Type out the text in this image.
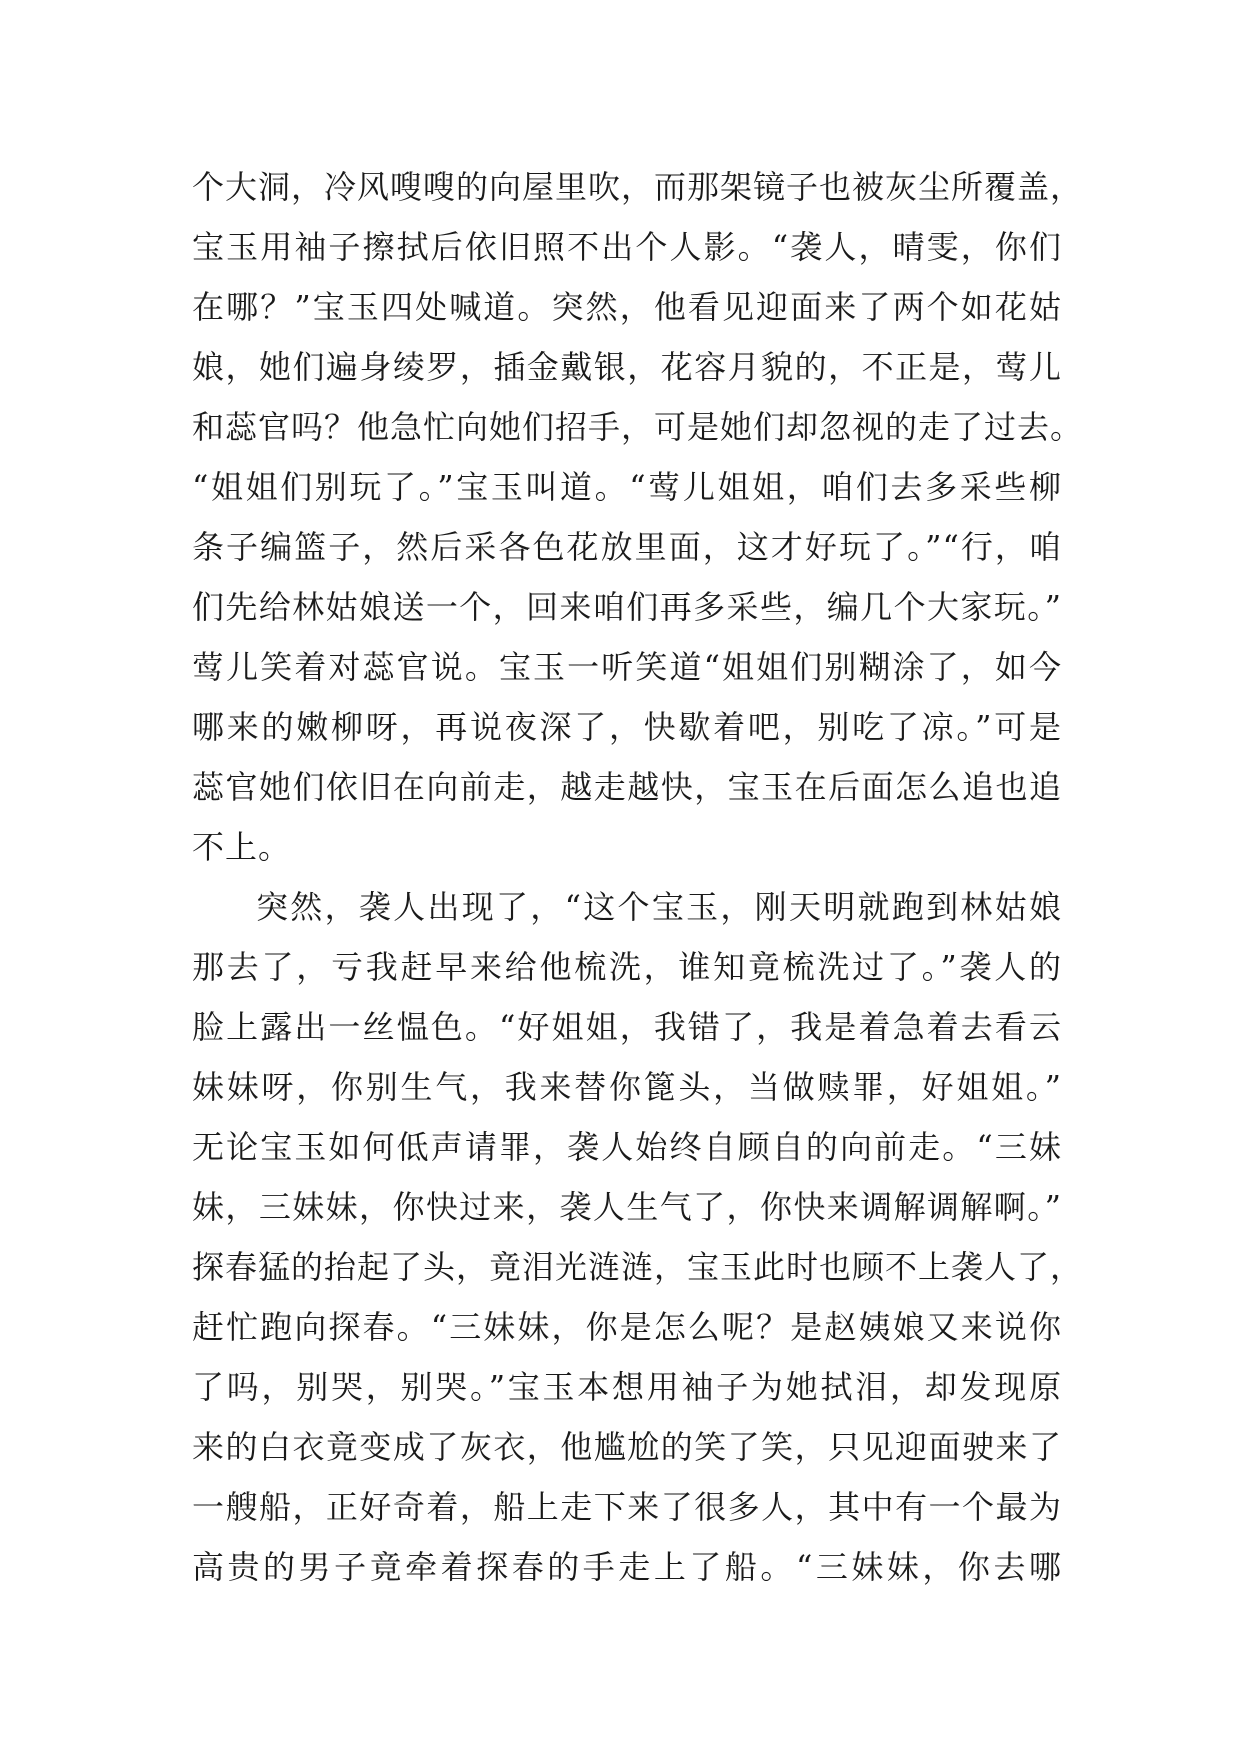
个大洞，冷风嗖嗖的向屋里吹，而那架镜子也被灰尘所覆盖，
宝玉用袖子擦拭后依旧照不出个人影。“袭人，晴雯，你们
在哪？”宝玉四处喊道。突然，他看见迎面来了两个如花姑
娘，她们遍身绫罗，插金戴银，花容月貌的，不正是，莺儿
和蕊官吗？他急忙向她们招手，可是她们却忽视的走了过去。
“姐姐们别玩了。”宝玉叫道。“莺儿姐姐，咱们去多采些柳
条子编篮子，然后采各色花放里面，这才好玩了。”“行，咱
们先给林姑娘送一个，回来咱们再多采些，编几个大家玩。”
莺儿笑着对蕊官说。宝玉一听笑道“姐姐们别糊涂了，如今
哪来的嫩柳呀，再说夜深了，快歇着吧，别吃了凉。”可是
蕊官她们依旧在向前走，越走越快，宝玉在后面怎么追也追
不上。
突然，袭人出现了，“这个宝玉，刚天明就跑到林姑娘
那去了，亏我赶早来给他梳洗，谁知竟梳洗过了。”袭人的
脸上露出一丝愠色。“好姐姐，我错了，我是着急着去看云
妹妹呀，你别生气，我来替你篦头，当做赎罪，好姐姐。”
无论宝玉如何低声请罪，袭人始终自顾自的向前走。“三妹
妹，三妹妹，你快过来，袭人生气了，你快来调解调解啊。”
探春猛的抬起了头，竟泪光涟涟，宝玉此时也顾不上袭人了，
赶忙跑向探春。“三妹妹，你是怎么呢？是赵姨娘又来说你
了吗，别哭，别哭。”宝玉本想用袖子为她拭泪，却发现原
来的白衣竟变成了灰衣，他尴尬的笑了笑，只见迎面驶来了
一艘船，正好奇着，船上走下来了很多人，其中有一个最为
高贵的男子竟牵着探春的手走上了船。“三妹妹，你去哪
